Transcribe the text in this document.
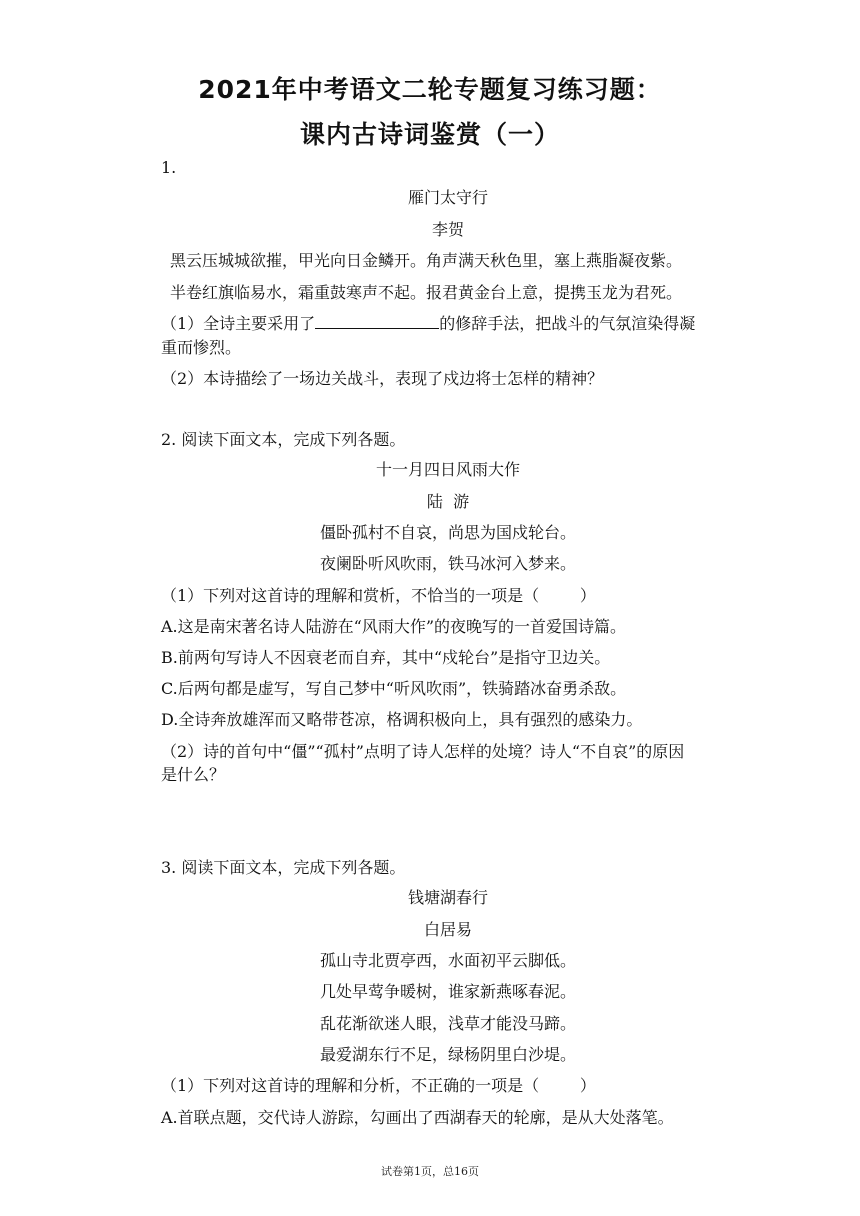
2021年中考语文二轮专题复习练习题：
课内古诗词鉴赏（一）
1.
雁门太守行
李贺
黑云压城城欲摧，甲光向日金鳞开。角声满天秋色里，塞上燕脂凝夜紫。
半卷红旗临易水，霜重鼓寒声不起。报君黄金台上意，提携玉龙为君死。
（1）全诗主要采用了	的修辞手法，把战斗的气氛渲染得凝
重而惨烈。
（2）本诗描绘了一场边关战斗，表现了戍边将士怎样的精神？
2. 阅读下面文本，完成下列各题。
十一月四日风雨大作
陆  游
僵卧孤村不自哀，尚思为国戍轮台。
夜阑卧听风吹雨，铁马冰河入梦来。
（1）下列对这首诗的理解和赏析，不恰当的一项是（        ）
A.这是南宋著名诗人陆游在“风雨大作”的夜晚写的一首爱国诗篇。
B.前两句写诗人不因衰老而自弃，其中“戍轮台”是指守卫边关。
C.后两句都是虚写，写自己梦中“听风吹雨”，铁骑踏冰奋勇杀敌。
D.全诗奔放雄浑而又略带苍凉，格调积极向上，具有强烈的感染力。
（2）诗的首句中“僵”“孤村”点明了诗人怎样的处境？诗人“不自哀”的原因
是什么？
3. 阅读下面文本，完成下列各题。
钱塘湖春行
白居易
孤山寺北贾亭西，水面初平云脚低。
几处早莺争暖树，谁家新燕啄春泥。
乱花渐欲迷人眼，浅草才能没马蹄。
最爱湖东行不足，绿杨阴里白沙堤。
（1）下列对这首诗的理解和分析，不正确的一项是（        ）
A.首联点题，交代诗人游踪，勾画出了西湖春天的轮廓，是从大处落笔。
试卷第1页，总16页
